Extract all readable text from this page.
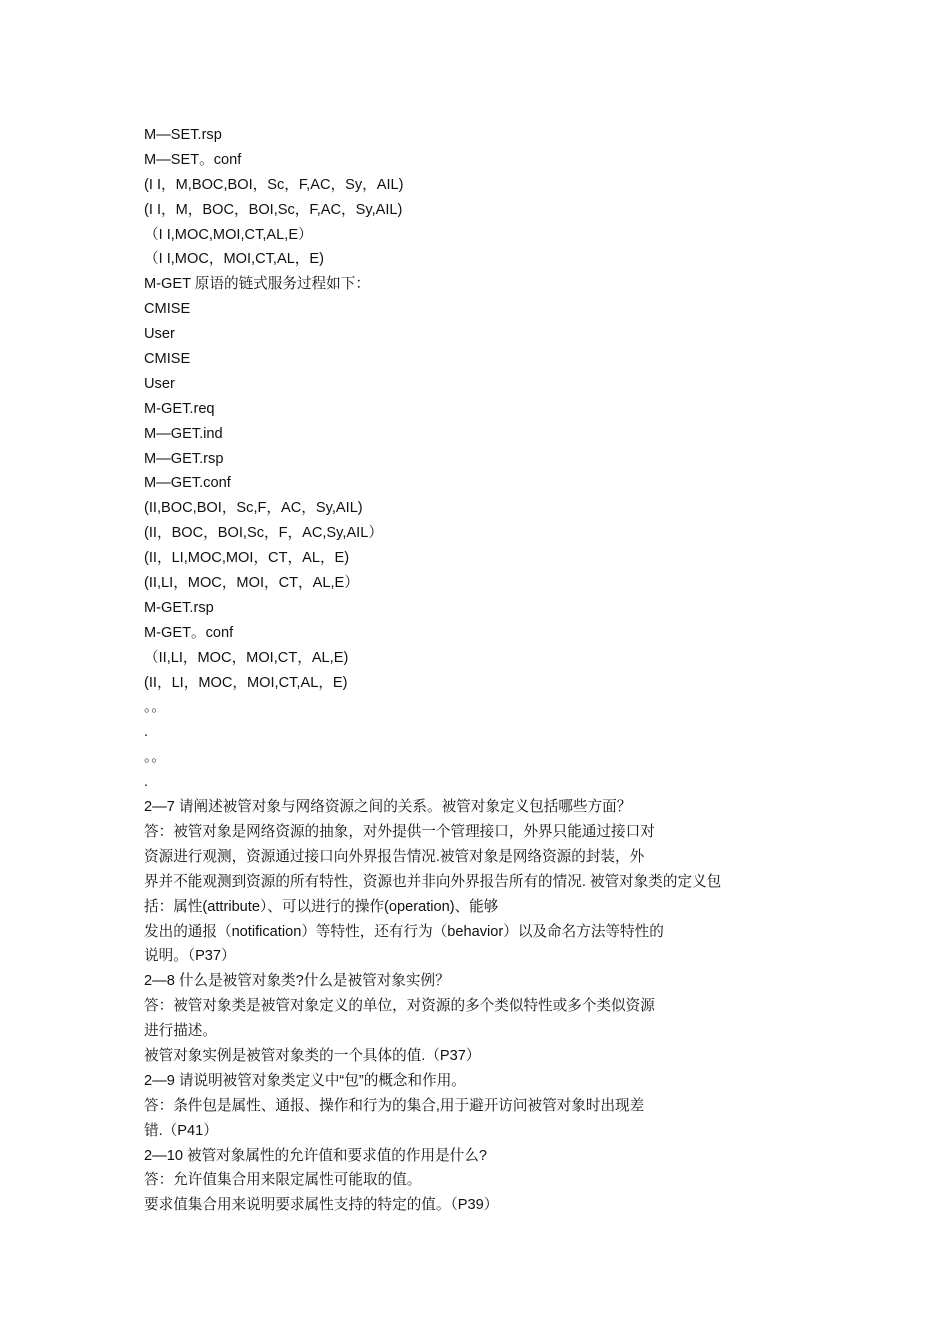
M—SET.rsp
M—SET。conf
(I I，M,BOC,BOI，Sc，F,AC，Sy，AIL)
(I I，M，BOC，BOI,Sc，F,AC，Sy,AIL)
（I I,MOC,MOI,CT,AL,E）
（I I,MOC，MOI,CT,AL，E)
M-GET 原语的链式服务过程如下：
CMISE
User
CMISE
User
M-GET.req
M—GET.ind
M—GET.rsp
M—GET.conf
(II,BOC,BOI，Sc,F，AC，Sy,AIL)
(II，BOC，BOI,Sc，F，AC,Sy,AIL）
(II，LI,MOC,MOI，CT，AL，E)
(II,LI，MOC，MOI，CT，AL,E）
M-GET.rsp
M-GET。conf
（II,LI，MOC，MOI,CT，AL,E)
(II，LI，MOC，MOI,CT,AL，E)
。。
.
。。
.
2—7 请阐述被管对象与网络资源之间的关系。被管对象定义包括哪些方面？
答：被管对象是网络资源的抽象，对外提供一个管理接口，外界只能通过接口对
资源进行观测，资源通过接口向外界报告情况.被管对象是网络资源的封装，外
界并不能观测到资源的所有特性，资源也并非向外界报告所有的情况. 被管对象类的定义包
括：属性(attribute）、可以进行的操作(operation)、能够
发出的通报（notification）等特性，还有行为（behavior）以及命名方法等特性的
说明。（P37）
2—8 什么是被管对象类?什么是被管对象实例？
答：被管对象类是被管对象定义的单位，对资源的多个类似特性或多个类似资源
进行描述。
被管对象实例是被管对象类的一个具体的值.（P37）
2—9 请说明被管对象类定义中“包”的概念和作用。
答：条件包是属性、通报、操作和行为的集合,用于避开访问被管对象时出现差
错.（P41）
2—10 被管对象属性的允许值和要求值的作用是什么?
答：允许值集合用来限定属性可能取的值。
要求值集合用来说明要求属性支持的特定的值。（P39）
